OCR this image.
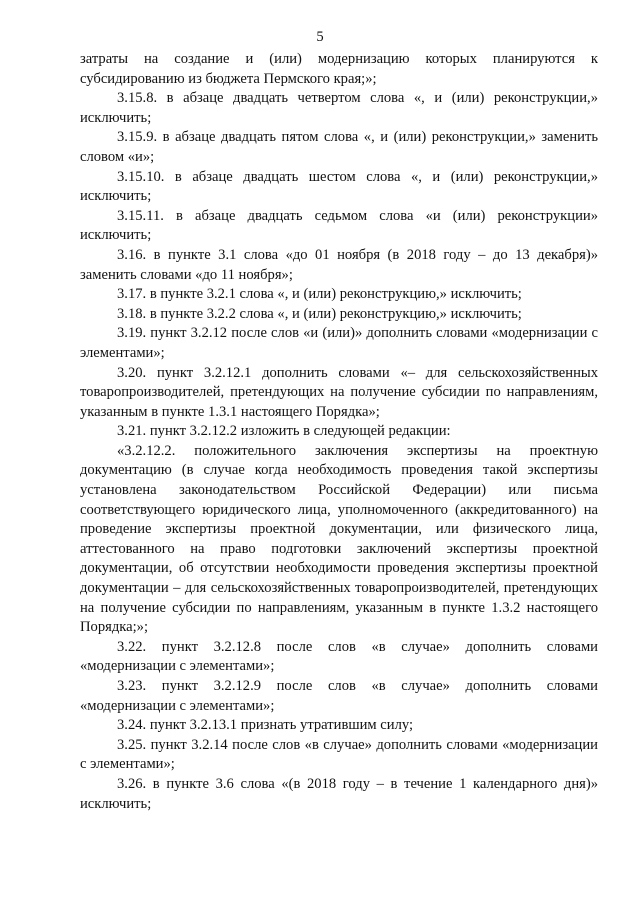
5

затраты на создание и (или) модернизацию которых планируются к субсидированию из бюджета Пермского края;»;

3.15.8. в абзаце двадцать четвертом слова «, и (или) реконструкции,» исключить;

3.15.9. в абзаце двадцать пятом слова «, и (или) реконструкции,» заменить словом «и»;

3.15.10. в абзаце двадцать шестом слова «, и (или) реконструкции,» исключить;

3.15.11. в абзаце двадцать седьмом слова «и (или) реконструкции» исключить;

3.16. в пункте 3.1 слова «до 01 ноября (в 2018 году – до 13 декабря)» заменить словами «до 11 ноября»;

3.17. в пункте 3.2.1 слова «, и (или) реконструкцию,» исключить;

3.18. в пункте 3.2.2 слова «, и (или) реконструкцию,» исключить;

3.19. пункт 3.2.12 после слов «и (или)» дополнить словами «модернизации с элементами»;

3.20. пункт 3.2.12.1 дополнить словами «– для сельскохозяйственных товаропроизводителей, претендующих на получение субсидии по направлениям, указанным в пункте 1.3.1 настоящего Порядка»;

3.21. пункт 3.2.12.2 изложить в следующей редакции:

«3.2.12.2. положительного заключения экспертизы на проектную документацию (в случае когда необходимость проведения такой экспертизы установлена законодательством Российской Федерации) или письма соответствующего юридического лица, уполномоченного (аккредитованного) на проведение экспертизы проектной документации, или физического лица, аттестованного на право подготовки заключений экспертизы проектной документации, об отсутствии необходимости проведения экспертизы проектной документации – для сельскохозяйственных товаропроизводителей, претендующих на получение субсидии по направлениям, указанным в пункте 1.3.2 настоящего Порядка;»;

3.22. пункт 3.2.12.8 после слов «в случае» дополнить словами «модернизации с элементами»;

3.23. пункт 3.2.12.9 после слов «в случае» дополнить словами «модернизации с элементами»;

3.24. пункт 3.2.13.1 признать утратившим силу;

3.25. пункт 3.2.14 после слов «в случае» дополнить словами «модернизации с элементами»;

3.26. в пункте 3.6 слова «(в 2018 году – в течение 1 календарного дня)» исключить;
